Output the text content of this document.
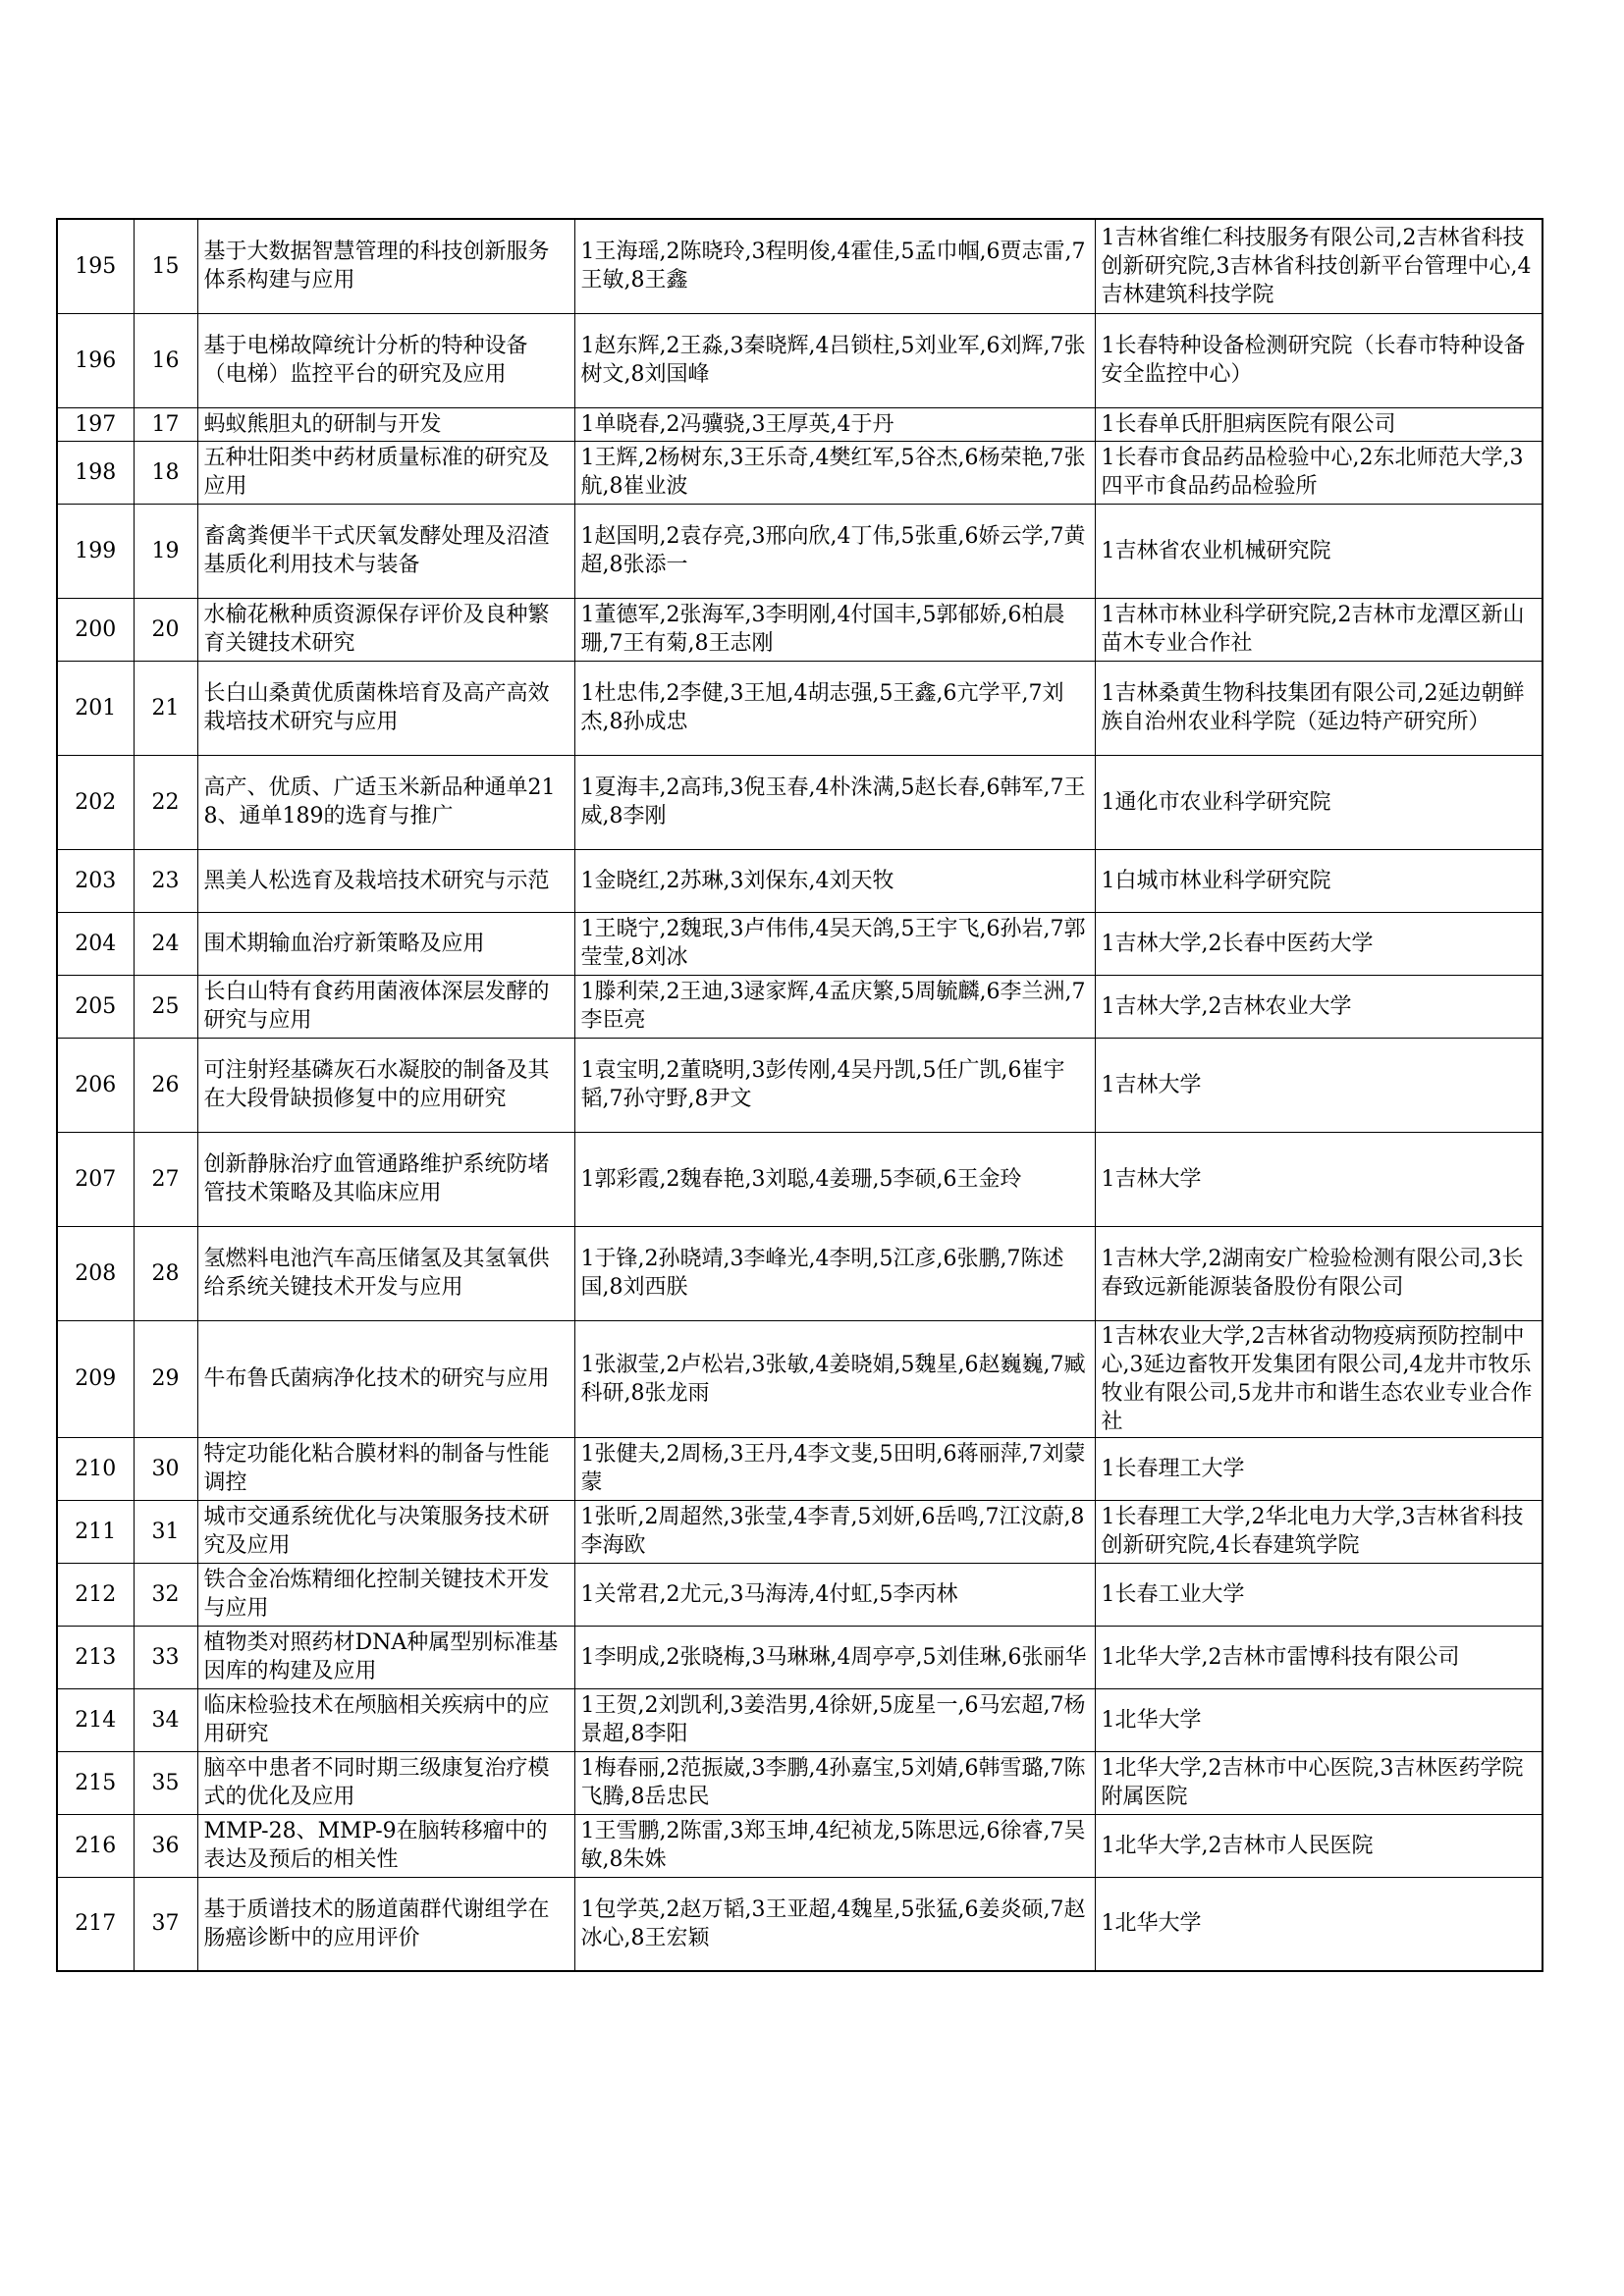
195	15	基于大数据智慧管理的科技创新服务体系构建与应用	1王海瑶,2陈晓玲,3程明俊,4霍佳,5孟巾帼,6贾志雷,7王敏,8王鑫	1吉林省维仁科技服务有限公司,2吉林省科技创新研究院,3吉林省科技创新平台管理中心,4吉林建筑科技学院
196	16	基于电梯故障统计分析的特种设备（电梯）监控平台的研究及应用	1赵东辉,2王淼,3秦晓辉,4吕锁柱,5刘业军,6刘辉,7张树文,8刘国峰	1长春特种设备检测研究院（长春市特种设备安全监控中心）
197	17	蚂蚁熊胆丸的研制与开发	1单晓春,2冯骥骁,3王厚英,4于丹	1长春单氏肝胆病医院有限公司
198	18	五种壮阳类中药材质量标准的研究及应用	1王辉,2杨树东,3王乐奇,4樊红军,5谷杰,6杨荣艳,7张航,8崔业波	1长春市食品药品检验中心,2东北师范大学,3四平市食品药品检验所
199	19	畜禽粪便半干式厌氧发酵处理及沼渣基质化利用技术与装备	1赵国明,2袁存亮,3邢向欣,4丁伟,5张重,6娇云学,7黄超,8张添一	1吉林省农业机械研究院
200	20	水榆花楸种质资源保存评价及良种繁育关键技术研究	1董德军,2张海军,3李明刚,4付国丰,5郭郁娇,6柏晨珊,7王有菊,8王志刚	1吉林市林业科学研究院,2吉林市龙潭区新山苗木专业合作社
201	21	长白山桑黄优质菌株培育及高产高效栽培技术研究与应用	1杜忠伟,2李健,3王旭,4胡志强,5王鑫,6亢学平,7刘杰,8孙成忠	1吉林桑黄生物科技集团有限公司,2延边朝鲜族自治州农业科学院（延边特产研究所）
202	22	高产、优质、广适玉米新品种通单218、通单189的选育与推广	1夏海丰,2高玮,3倪玉春,4朴洙满,5赵长春,6韩军,7王威,8李刚	1通化市农业科学研究院
203	23	黑美人松选育及栽培技术研究与示范	1金晓红,2苏琳,3刘保东,4刘天牧	1白城市林业科学研究院
204	24	围术期输血治疗新策略及应用	1王晓宁,2魏珉,3卢伟伟,4吴天鸽,5王宇飞,6孙岩,7郭莹莹,8刘冰	1吉林大学,2长春中医药大学
205	25	长白山特有食药用菌液体深层发酵的研究与应用	1滕利荣,2王迪,3逯家辉,4孟庆繁,5周毓麟,6李兰洲,7李臣亮	1吉林大学,2吉林农业大学
206	26	可注射羟基磷灰石水凝胶的制备及其在大段骨缺损修复中的应用研究	1袁宝明,2董晓明,3彭传刚,4吴丹凯,5任广凯,6崔宇韬,7孙守野,8尹文	1吉林大学
207	27	创新静脉治疗血管通路维护系统防堵管技术策略及其临床应用	1郭彩霞,2魏春艳,3刘聪,4姜珊,5李硕,6王金玲	1吉林大学
208	28	氢燃料电池汽车高压储氢及其氢氧供给系统关键技术开发与应用	1于锋,2孙晓靖,3李峰光,4李明,5江彦,6张鹏,7陈述国,8刘西朕	1吉林大学,2湖南安广检验检测有限公司,3长春致远新能源装备股份有限公司
209	29	牛布鲁氏菌病净化技术的研究与应用	1张淑莹,2卢松岩,3张敏,4姜晓娟,5魏星,6赵巍巍,7臧科研,8张龙雨	1吉林农业大学,2吉林省动物疫病预防控制中心,3延边畜牧开发集团有限公司,4龙井市牧乐牧业有限公司,5龙井市和谐生态农业专业合作社
210	30	特定功能化粘合膜材料的制备与性能调控	1张健夫,2周杨,3王丹,4李文斐,5田明,6蒋丽萍,7刘蒙蒙	1长春理工大学
211	31	城市交通系统优化与决策服务技术研究及应用	1张昕,2周超然,3张莹,4李青,5刘妍,6岳鸣,7江汶蔚,8李海欧	1长春理工大学,2华北电力大学,3吉林省科技创新研究院,4长春建筑学院
212	32	铁合金冶炼精细化控制关键技术开发与应用	1关常君,2尤元,3马海涛,4付虹,5李丙林	1长春工业大学
213	33	植物类对照药材DNA种属型别标准基因库的构建及应用	1李明成,2张晓梅,3马琳琳,4周亭亭,5刘佳琳,6张丽华	1北华大学,2吉林市雷博科技有限公司
214	34	临床检验技术在颅脑相关疾病中的应用研究	1王贺,2刘凯利,3姜浩男,4徐妍,5庞星一,6马宏超,7杨景超,8李阳	1北华大学
215	35	脑卒中患者不同时期三级康复治疗模式的优化及应用	1梅春丽,2范振崴,3李鹏,4孙嘉宝,5刘婧,6韩雪璐,7陈飞腾,8岳忠民	1北华大学,2吉林市中心医院,3吉林医药学院附属医院
216	36	MMP-28、MMP-9在脑转移瘤中的表达及预后的相关性	1王雪鹏,2陈雷,3郑玉坤,4纪祯龙,5陈思远,6徐睿,7吴敏,8朱姝	1北华大学,2吉林市人民医院
217	37	基于质谱技术的肠道菌群代谢组学在肠癌诊断中的应用评价	1包学英,2赵万韬,3王亚超,4魏星,5张猛,6姜炎硕,7赵冰心,8王宏颖	1北华大学
